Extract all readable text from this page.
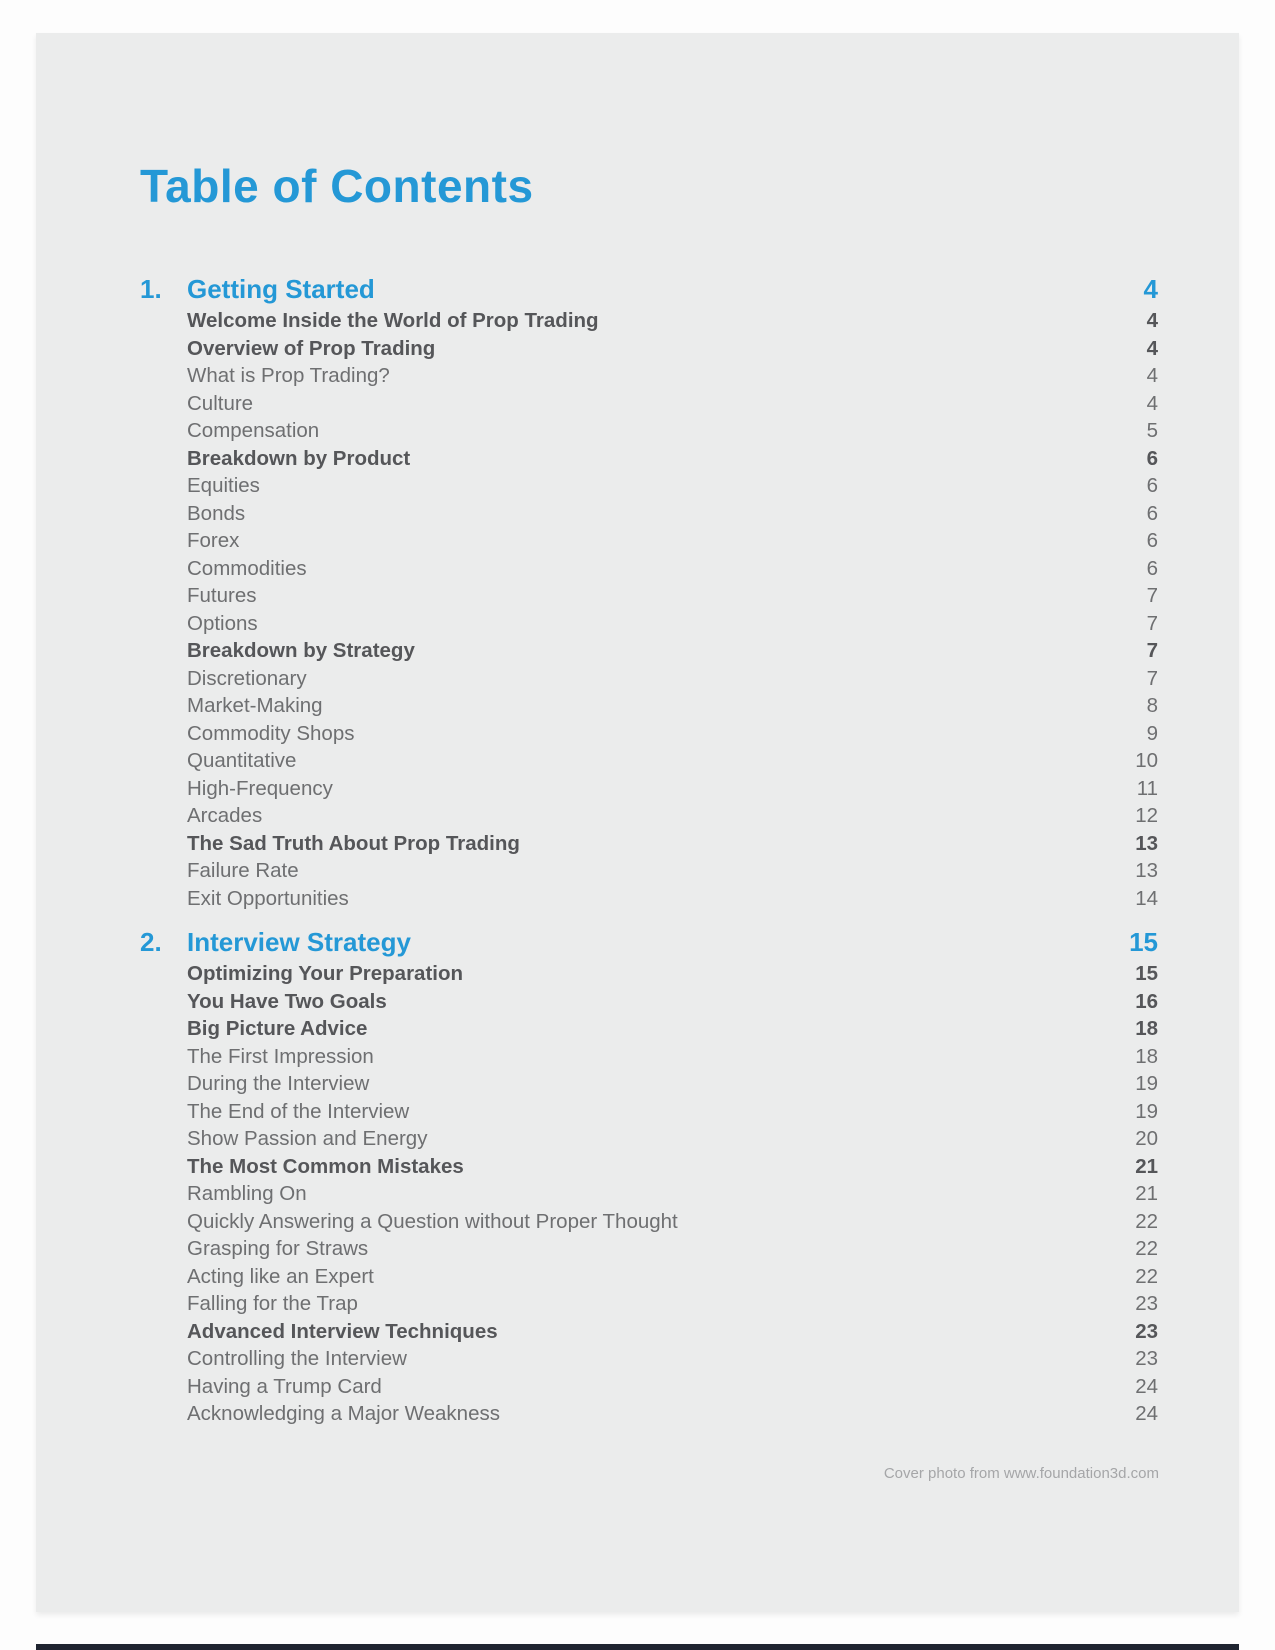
Table of Contents
1. Getting Started	4
Welcome Inside the World of Prop Trading	4
Overview of Prop Trading	4
What is Prop Trading?	4
Culture	4
Compensation	5
Breakdown by Product	6
Equities	6
Bonds	6
Forex	6
Commodities	6
Futures	7
Options	7
Breakdown by Strategy	7
Discretionary	7
Market-Making	8
Commodity Shops	9
Quantitative	10
High-Frequency	11
Arcades	12
The Sad Truth About Prop Trading	13
Failure Rate	13
Exit Opportunities	14
2. Interview Strategy	15
Optimizing Your Preparation	15
You Have Two Goals	16
Big Picture Advice	18
The First Impression	18
During the Interview	19
The End of the Interview	19
Show Passion and Energy	20
The Most Common Mistakes	21
Rambling On	21
Quickly Answering a Question without Proper Thought	22
Grasping for Straws	22
Acting like an Expert	22
Falling for the Trap	23
Advanced Interview Techniques	23
Controlling the Interview	23
Having a Trump Card	24
Acknowledging a Major Weakness	24
Cover photo from www.foundation3d.com
